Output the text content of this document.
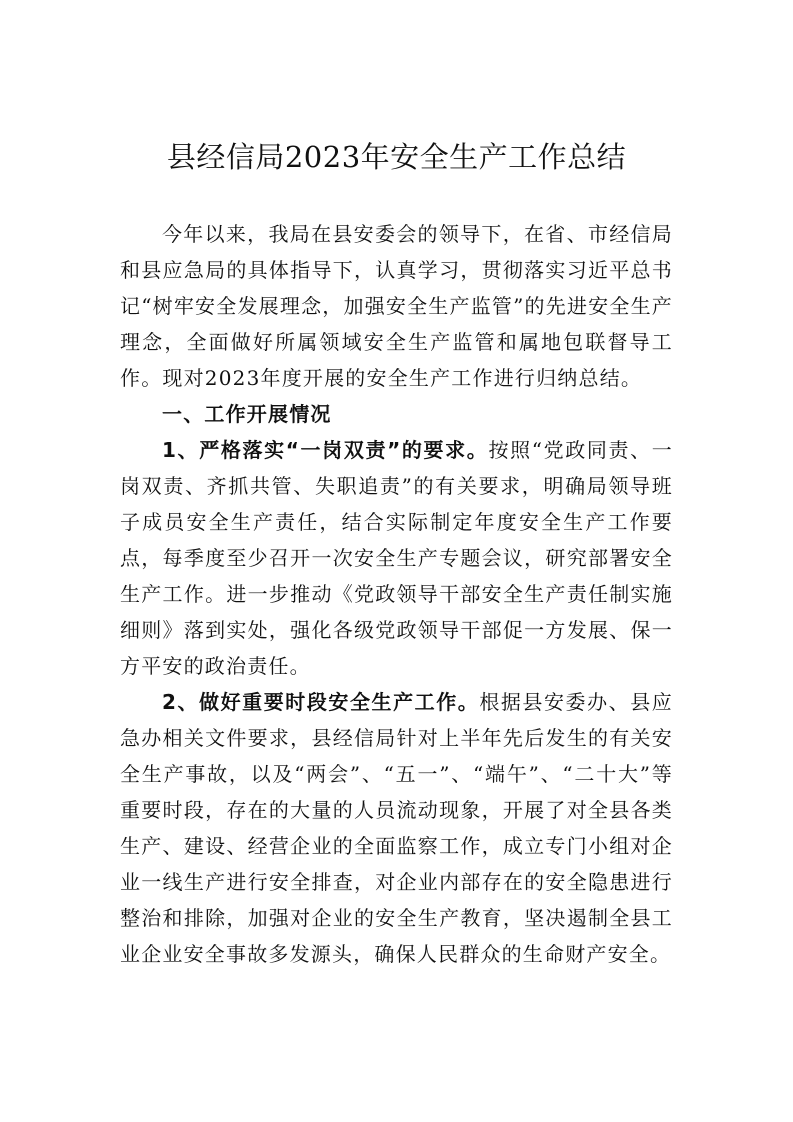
县经信局2023年安全生产工作总结

今年以来，我局在县安委会的领导下，在省、市经信局和县应急局的具体指导下，认真学习，贯彻落实习近平总书记“树牢安全发展理念，加强安全生产监管”的先进安全生产理念，全面做好所属领域安全生产监管和属地包联督导工作。现对2023年度开展的安全生产工作进行归纳总结。

一、工作开展情况

1、严格落实“一岗双责”的要求。按照“党政同责、一岗双责、齐抓共管、失职追责”的有关要求，明确局领导班子成员安全生产责任，结合实际制定年度安全生产工作要点，每季度至少召开一次安全生产专题会议，研究部署安全生产工作。进一步推动《党政领导干部安全生产责任制实施细则》落到实处，强化各级党政领导干部促一方发展、保一方平安的政治责任。

2、做好重要时段安全生产工作。根据县安委办、县应急办相关文件要求，县经信局针对上半年先后发生的有关安全生产事故，以及“两会”、“五一”、“端午”、“二十大”等重要时段，存在的大量的人员流动现象，开展了对全县各类生产、建设、经营企业的全面监察工作，成立专门小组对企业一线生产进行安全排查，对企业内部存在的安全隐患进行整治和排除，加强对企业的安全生产教育，坚决遏制全县工业企业安全事故多发源头，确保人民群众的生命财产安全。
